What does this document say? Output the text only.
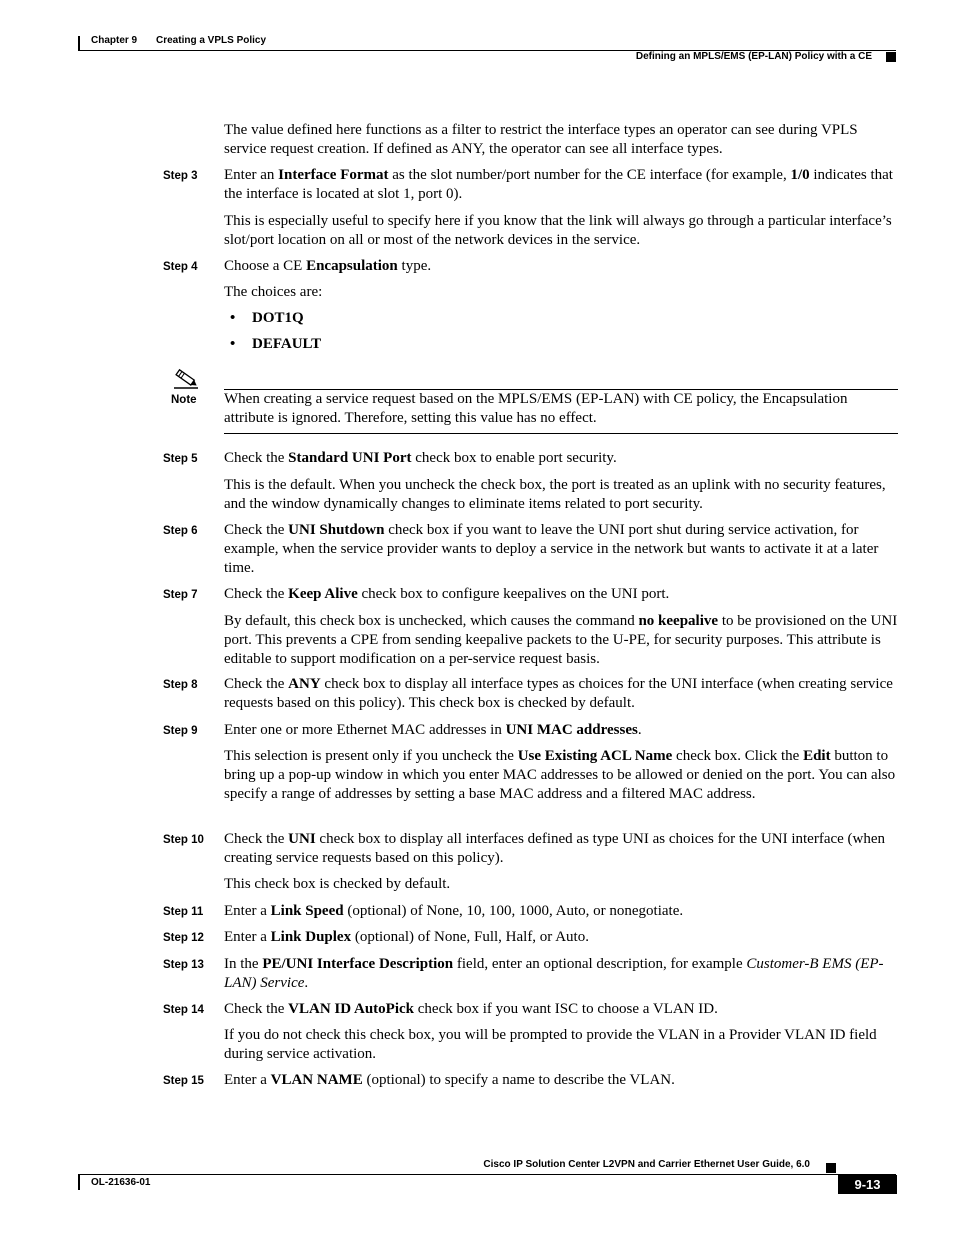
Chapter 9 Creating a VPLS Policy
Defining an MPLS/EMS (EP-LAN) Policy with a CE
The value defined here functions as a filter to restrict the interface types an operator can see during VPLS service request creation. If defined as ANY, the operator can see all interface types.
Step 3 Enter an Interface Format as the slot number/port number for the CE interface (for example, 1/0 indicates that the interface is located at slot 1, port 0).
This is especially useful to specify here if you know that the link will always go through a particular interface’s slot/port location on all or most of the network devices in the service.
Step 4 Choose a CE Encapsulation type.
The choices are:
• DOT1Q
• DEFAULT
Note When creating a service request based on the MPLS/EMS (EP-LAN) with CE policy, the Encapsulation attribute is ignored. Therefore, setting this value has no effect.
Step 5 Check the Standard UNI Port check box to enable port security.
This is the default. When you uncheck the check box, the port is treated as an uplink with no security features, and the window dynamically changes to eliminate items related to port security.
Step 6 Check the UNI Shutdown check box if you want to leave the UNI port shut during service activation, for example, when the service provider wants to deploy a service in the network but wants to activate it at a later time.
Step 7 Check the Keep Alive check box to configure keepalives on the UNI port.
By default, this check box is unchecked, which causes the command no keepalive to be provisioned on the UNI port. This prevents a CPE from sending keepalive packets to the U-PE, for security purposes. This attribute is editable to support modification on a per-service request basis.
Step 8 Check the ANY check box to display all interface types as choices for the UNI interface (when creating service requests based on this policy). This check box is checked by default.
Step 9 Enter one or more Ethernet MAC addresses in UNI MAC addresses.
This selection is present only if you uncheck the Use Existing ACL Name check box. Click the Edit button to bring up a pop-up window in which you enter MAC addresses to be allowed or denied on the port. You can also specify a range of addresses by setting a base MAC address and a filtered MAC address.
Step 10 Check the UNI check box to display all interfaces defined as type UNI as choices for the UNI interface (when creating service requests based on this policy).
This check box is checked by default.
Step 11 Enter a Link Speed (optional) of None, 10, 100, 1000, Auto, or nonegotiate.
Step 12 Enter a Link Duplex (optional) of None, Full, Half, or Auto.
Step 13 In the PE/UNI Interface Description field, enter an optional description, for example Customer-B EMS (EP-LAN) Service.
Step 14 Check the VLAN ID AutoPick check box if you want ISC to choose a VLAN ID.
If you do not check this check box, you will be prompted to provide the VLAN in a Provider VLAN ID field during service activation.
Step 15 Enter a VLAN NAME (optional) to specify a name to describe the VLAN.
Cisco IP Solution Center L2VPN and Carrier Ethernet User Guide, 6.0
OL-21636-01	9-13
